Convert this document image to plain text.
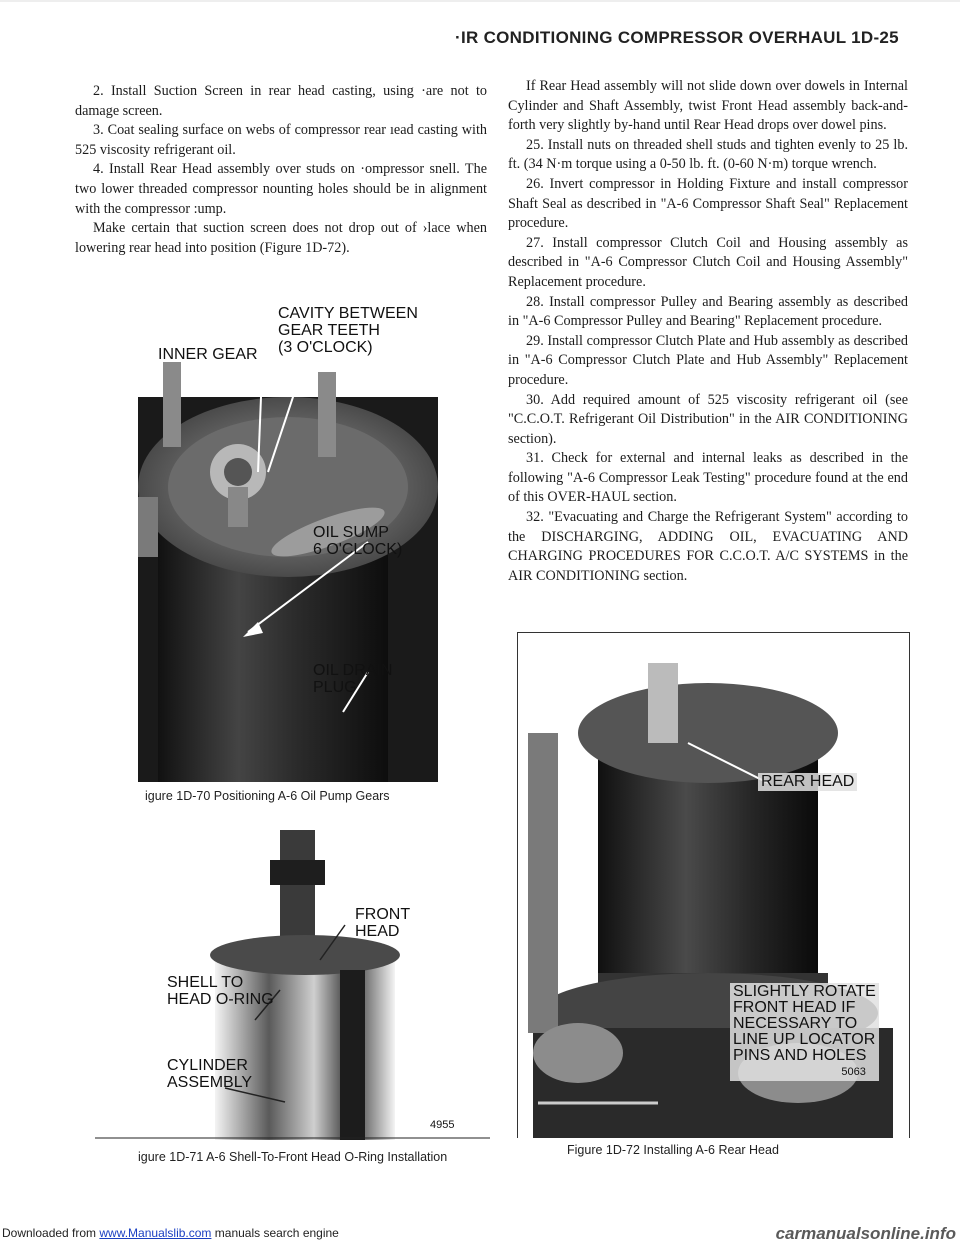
·IR CONDITIONING COMPRESSOR OVERHAUL 1D-25

2. Install Suction Screen in rear head casting, using ·are not to damage screen.

3. Coat sealing surface on webs of compressor rear ıead casting with 525 viscosity refrigerant oil.

4. Install Rear Head assembly over studs on ·ompressor snell. The two lower threaded compressor nounting holes should be in alignment with the compressor :ump.

Make certain that suction screen does not drop out of ›lace when lowering rear head into position (Figure 1D-72).

If Rear Head assembly will not slide down over dowels in Internal Cylinder and Shaft Assembly, twist Front Head assembly back-and-forth very slightly by-hand until Rear Head drops over dowel pins.

25. Install nuts on threaded shell studs and tighten evenly to 25 lb. ft. (34 N·m torque using a 0-50 lb. ft. (0-60 N·m) torque wrench.

26. Invert compressor in Holding Fixture and install compressor Shaft Seal as described in "A-6 Compressor Shaft Seal" Replacement procedure.

27. Install compressor Clutch Coil and Housing assembly as described in "A-6 Compressor Clutch Coil and Housing Assembly" Replacement procedure.

28. Install compressor Pulley and Bearing assembly as described in "A-6 Compressor Pulley and Bearing" Replacement procedure.

29. Install compressor Clutch Plate and Hub assembly as described in "A-6 Compressor Clutch Plate and Hub Assembly" Replacement procedure.

30. Add required amount of 525 viscosity refrigerant oil (see "C.C.O.T. Refrigerant Oil Distribution" in the AIR CONDITIONING section).

31. Check for external and internal leaks as described in the following "A-6 Compressor Leak Testing" procedure found at the end of this OVER-HAUL section.

32. "Evacuating and Charge the Refrigerant System" according to the DISCHARGING, ADDING OIL, EVACUATING AND CHARGING PROCEDURES FOR C.C.O.T. A/C SYSTEMS in the AIR CONDITIONING section.

CAVITY BETWEEN
GEAR TEETH
(3 O'CLOCK)
INNER GEAR
OIL SUMP
6 O'CLOCK)
OIL DRAIN
PLUG
igure 1D-70 Positioning A-6 Oil Pump Gears
FRONT
HEAD
SHELL TO
HEAD O-RING
CYLINDER
ASSEMBLY
4955
igure 1D-71 A-6 Shell-To-Front Head O-Ring Installation
REAR HEAD
SLIGHTLY ROTATE
FRONT HEAD IF
NECESSARY TO
LINE UP LOCATOR
PINS AND HOLES
5063
Figure 1D-72 Installing A-6 Rear Head
Downloaded from www.Manualslib.com manuals search engine	carmanualsonline.info
